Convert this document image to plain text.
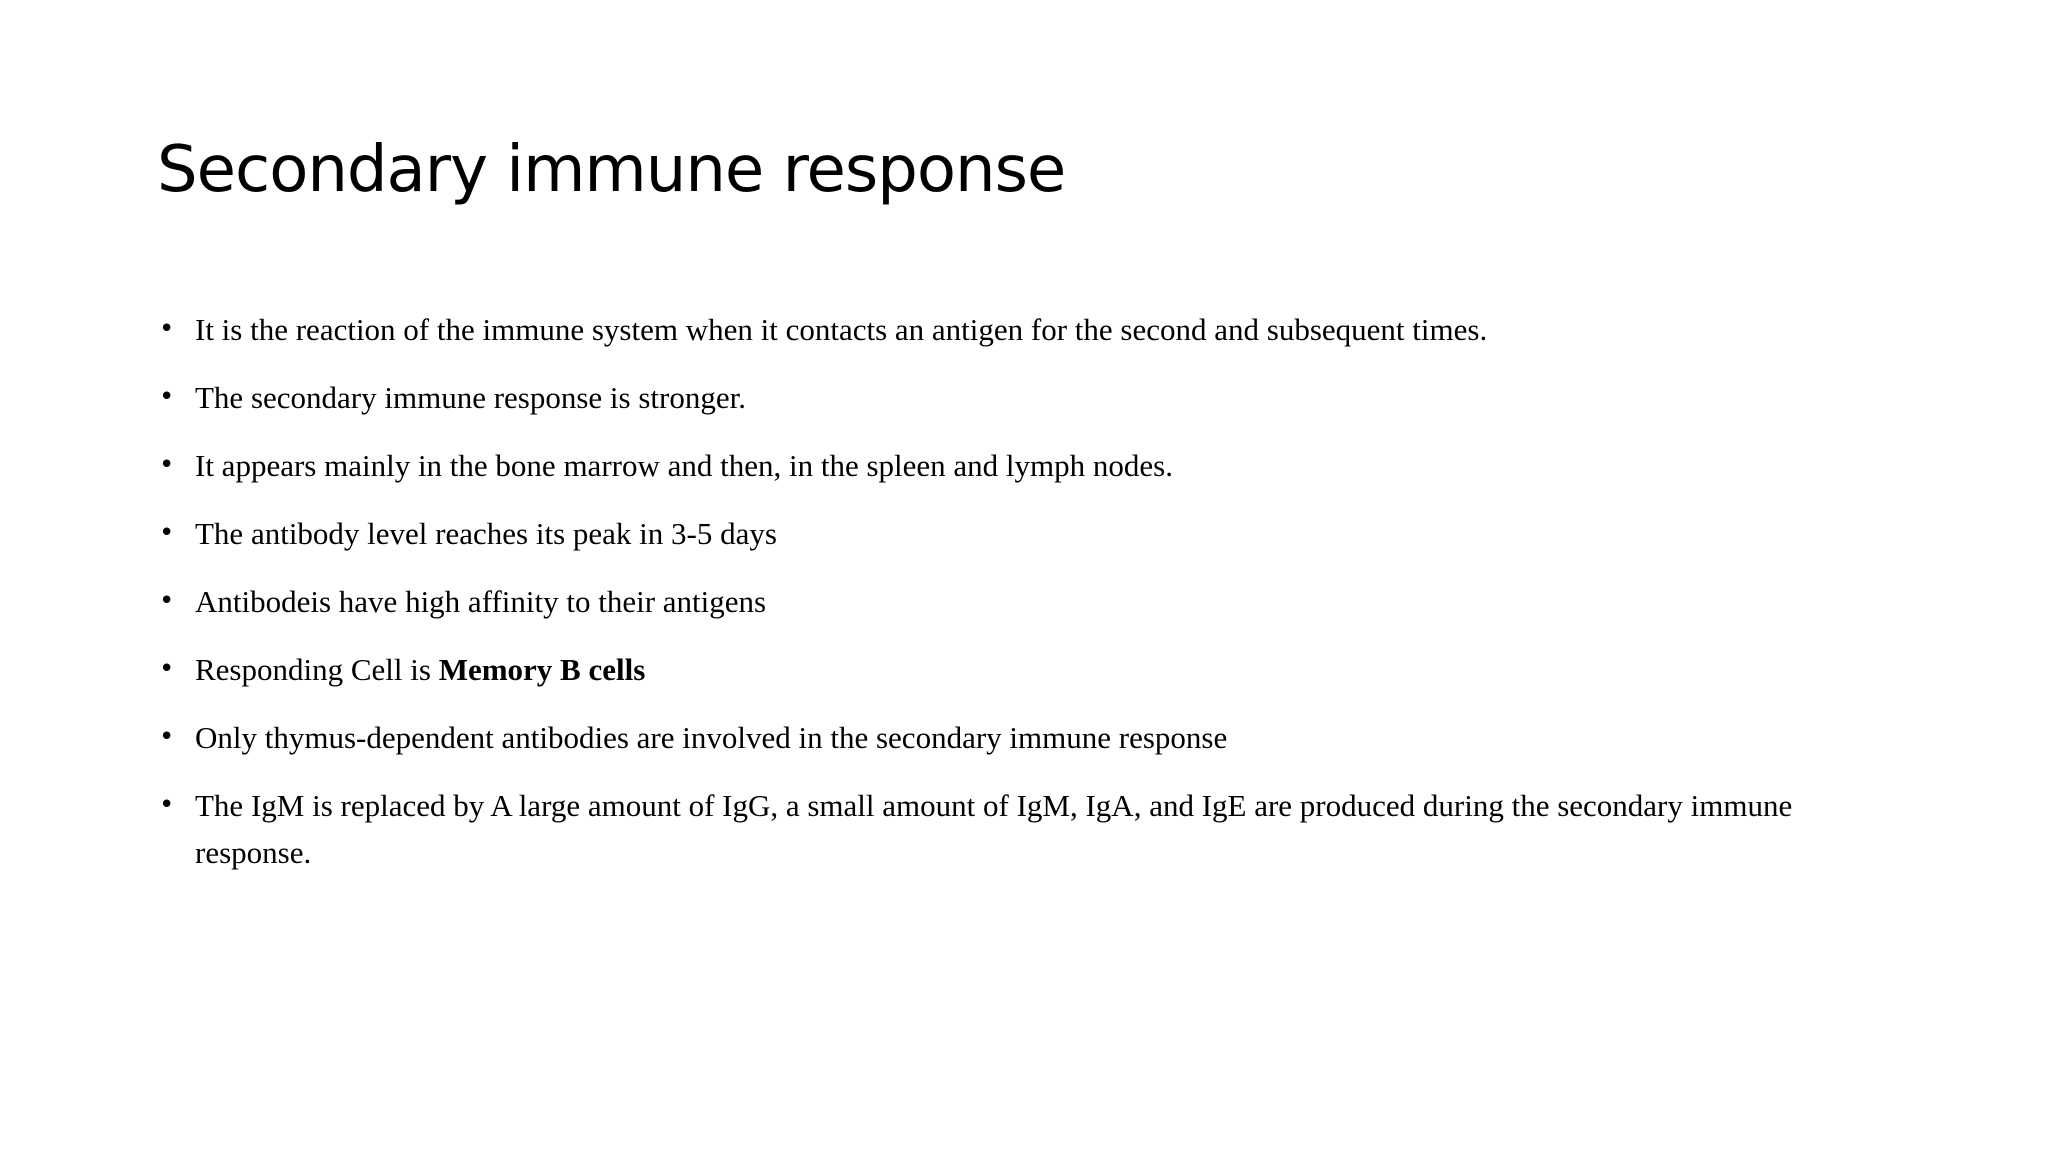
Secondary immune response
• It is the reaction of the immune system when it contacts an antigen for the second and subsequent times.
• The secondary immune response is stronger.
• It appears mainly in the bone marrow and then, in the spleen and lymph nodes.
• The antibody level reaches its peak in 3-5 days
• Antibodeis have high affinity to their antigens
• Responding Cell is Memory B cells
• Only thymus-dependent antibodies are involved in the secondary immune response
• The IgM is replaced by A large amount of IgG, a small amount of IgM, IgA, and IgE are produced during the secondary immune response.
